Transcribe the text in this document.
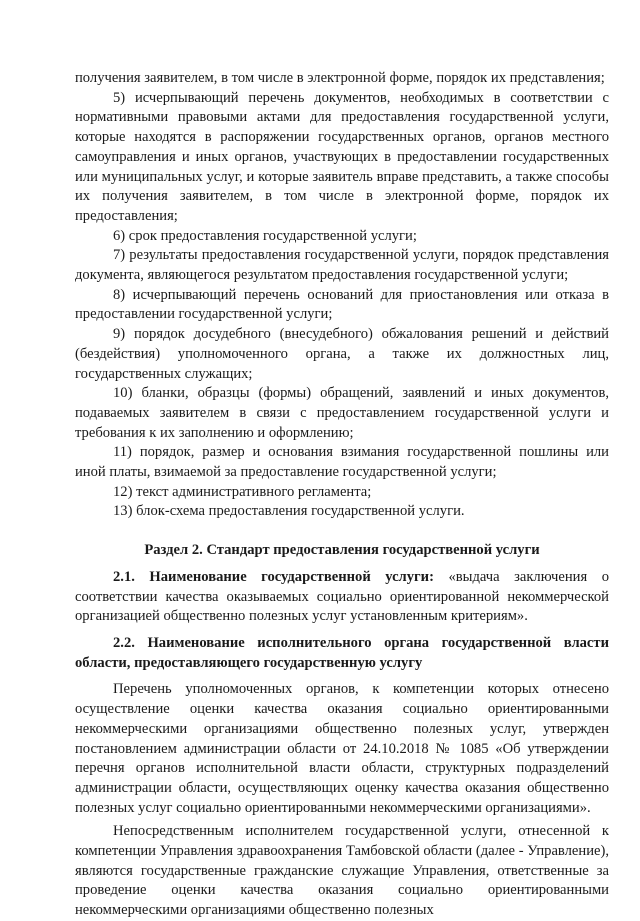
получения заявителем, в том числе в электронной форме, порядок их представления;

5) исчерпывающий перечень документов, необходимых в соответствии с нормативными правовыми актами для предоставления государственной услуги, которые находятся в распоряжении государственных органов, органов местного самоуправления и иных органов, участвующих в предоставлении государственных или муниципальных услуг, и которые заявитель вправе представить, а также способы их получения заявителем, в том числе в электронной форме, порядок их предоставления;

6) срок предоставления государственной услуги;

7) результаты предоставления государственной услуги, порядок представления документа, являющегося результатом предоставления государственной услуги;

8) исчерпывающий перечень оснований для приостановления или отказа в предоставлении государственной услуги;

9) порядок досудебного (внесудебного) обжалования решений и действий (бездействия) уполномоченного органа, а также их должностных лиц, государственных служащих;

10) бланки, образцы (формы) обращений, заявлений и иных документов, подаваемых заявителем в связи с предоставлением государственной услуги и требования к их заполнению и оформлению;

11) порядок, размер и основания взимания государственной пошлины или иной платы, взимаемой за предоставление государственной услуги;

12) текст административного регламента;

13) блок-схема предоставления государственной услуги.

Раздел 2. Стандарт предоставления государственной услуги

2.1. Наименование государственной услуги: «выдача заключения о соответствии качества оказываемых социально ориентированной некоммерческой организацией общественно полезных услуг установленным критериям».

2.2. Наименование исполнительного органа государственной власти области, предоставляющего государственную услугу

Перечень уполномоченных органов, к компетенции которых отнесено осуществление оценки качества оказания социально ориентированными некоммерческими организациями общественно полезных услуг, утвержден постановлением администрации области от 24.10.2018 № 1085 «Об утверждении перечня органов исполнительной власти области, структурных подразделений администрации области, осуществляющих оценку качества оказания общественно полезных услуг социально ориентированными некоммерческими организациями».

Непосредственным исполнителем государственной услуги, отнесенной к компетенции Управления здравоохранения Тамбовской области (далее - Управление), являются государственные гражданские служащие Управления, ответственные за проведение оценки качества оказания социально ориентированными некоммерческими организациями общественно полезных
